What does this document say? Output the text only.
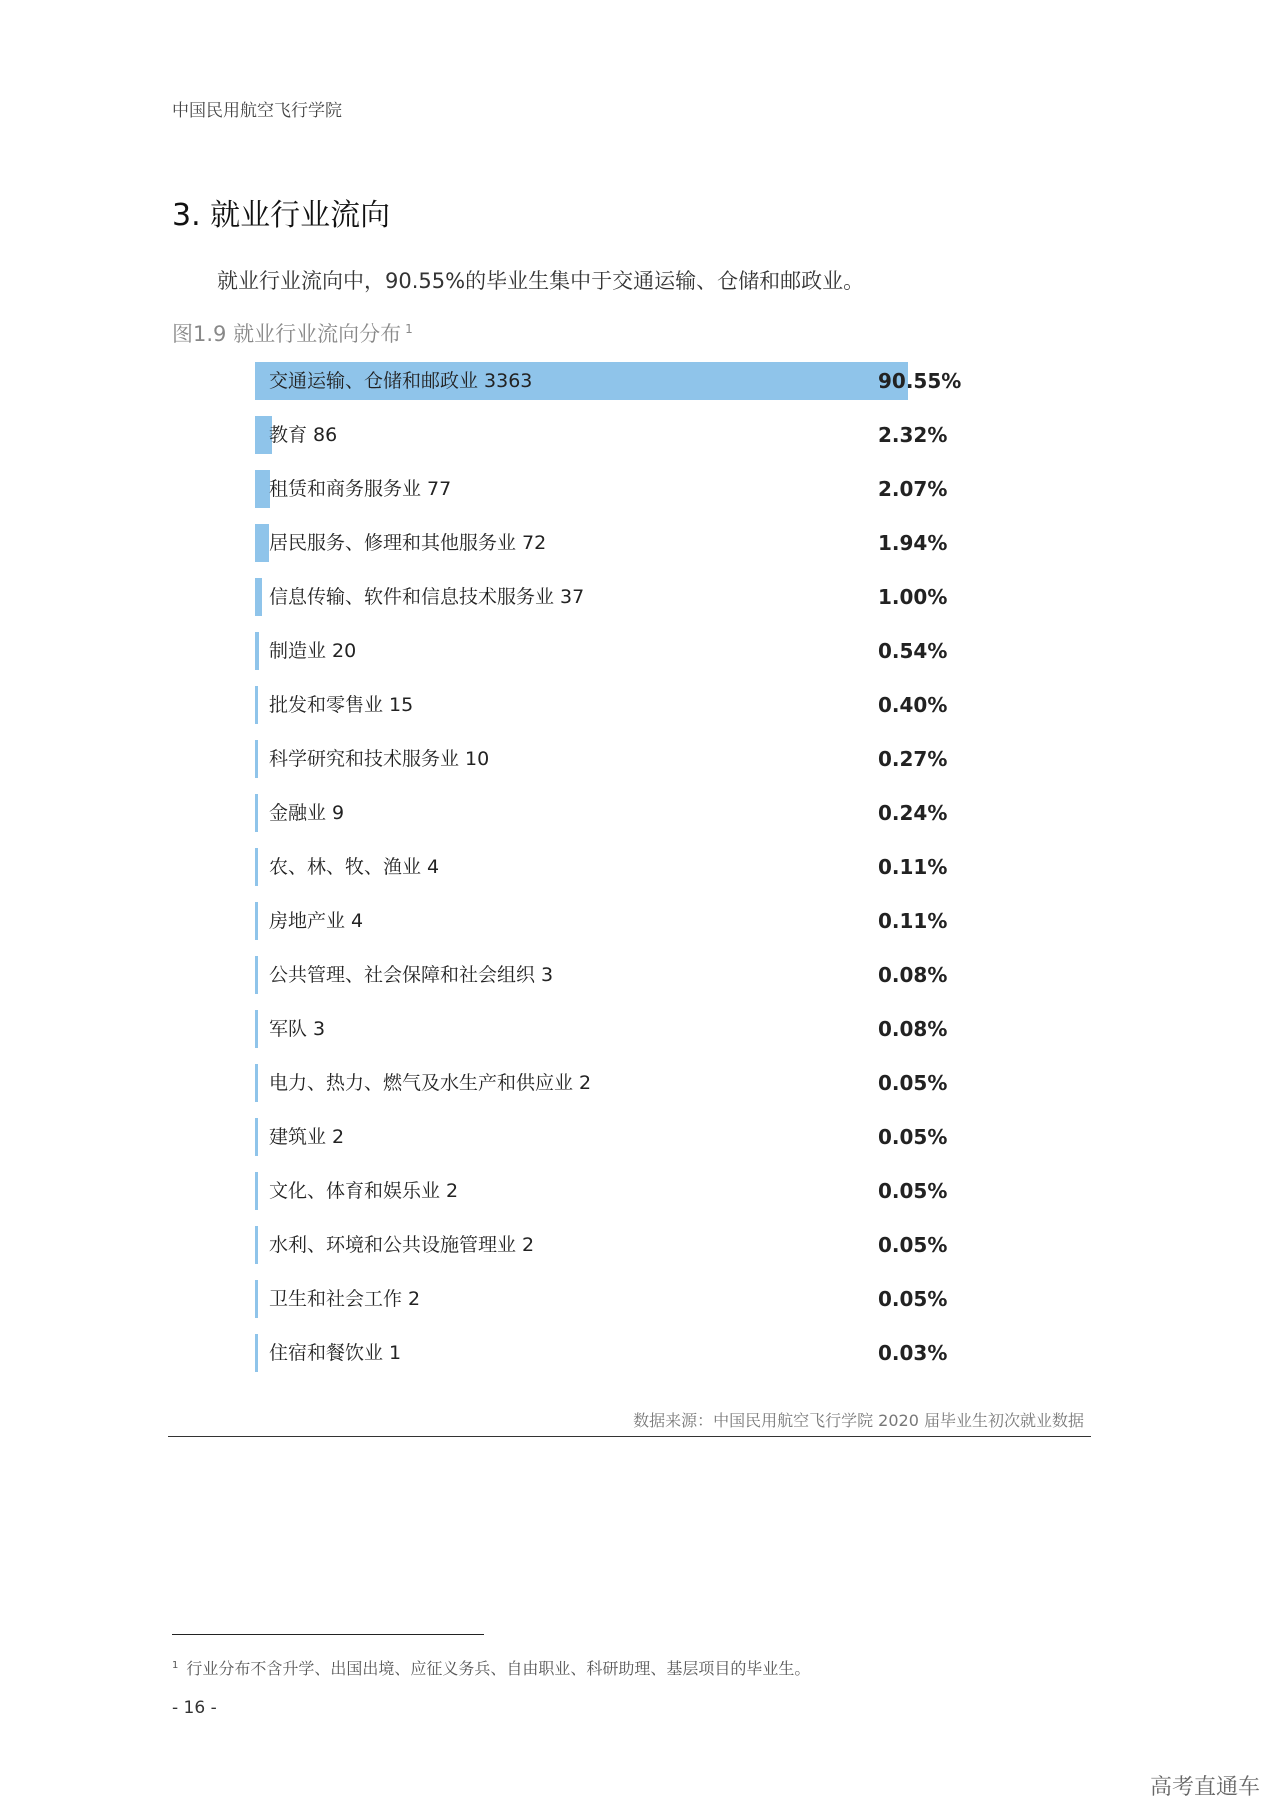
中国民用航空飞行学院
3. 就业行业流向
就业行业流向中，90.55%的毕业生集中于交通运输、仓储和邮政业。
图1.9 就业行业流向分布 $^1$
交通运输、仓储和邮政业 3363	90.55%
教育 86	2.32%
租赁和商务服务业 77	2.07%
居民服务、修理和其他服务业 72	1.94%
信息传输、软件和信息技术服务业 37	1.00%
制造业 20	0.54%
批发和零售业 15	0.40%
科学研究和技术服务业 10	0.27%
金融业 9	0.24%
农、林、牧、渔业 4	0.11%
房地产业 4	0.11%
公共管理、社会保障和社会组织 3	0.08%
军队 3	0.08%
电力、热力、燃气及水生产和供应业 2	0.05%
建筑业 2	0.05%
文化、体育和娱乐业 2	0.05%
水利、环境和公共设施管理业 2	0.05%
卫生和社会工作 2	0.05%
住宿和餐饮业 1	0.03%
数据来源：中国民用航空飞行学院 2020 届毕业生初次就业数据
$^1$ 行业分布不含升学、出国出境、应征义务兵、自由职业、科研助理、基层项目的毕业生。
- 16 -
高考直通车
